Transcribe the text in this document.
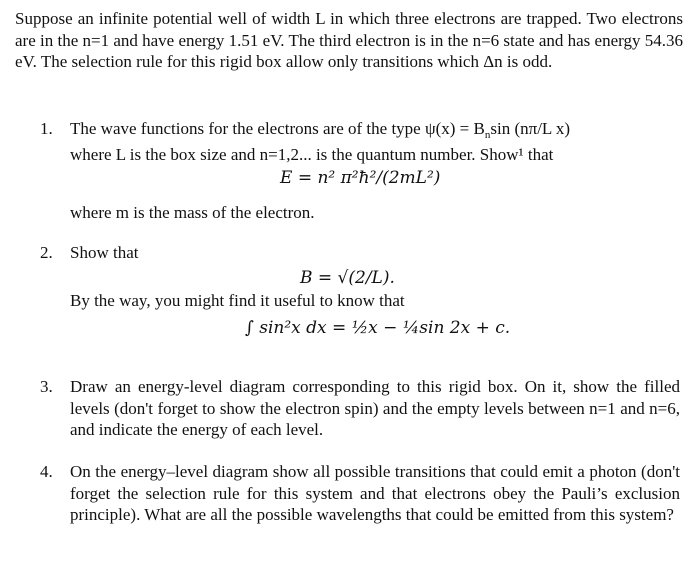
Suppose an infinite potential well of width L in which three electrons are trapped. Two electrons are in the n=1 and have energy 1.51 eV. The third electron is in the n=6 state and has energy 54.36 eV. The selection rule for this rigid box allow only transitions which Δn is odd.
1. The wave functions for the electrons are of the type $\psi(x) = B_n\sin$ (nπ/L x)
where L is the box size and n=1,2... is the quantum number. Show¹ that
E = n² π²ħ²/(2mL²)
where m is the mass of the electron.
2. Show that
B = √(2/L).
By the way, you might find it useful to know that
∫ sin²x dx = ½x − ¼sin 2x + c.
3. Draw an energy-level diagram corresponding to this rigid box. On it, show the filled levels (don't forget to show the electron spin) and the empty levels between n=1 and n=6, and indicate the energy of each level.
4. On the energy–level diagram show all possible transitions that could emit a photon (don't forget the selection rule for this system and that electrons obey the Pauli’s exclusion principle). What are all the possible wavelengths that could be emitted from this system?
